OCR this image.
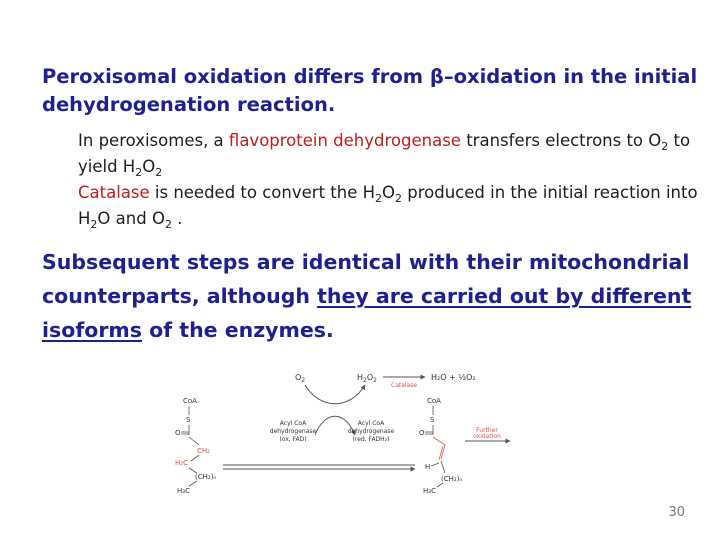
Peroxisomal oxidation differs from β–oxidation in the initial dehydrogenation reaction.
In peroxisomes, a flavoprotein dehydrogenase transfers electrons to $O_2$ to yield $H_2O_2$
Catalase is needed to convert the $H_2O_2$ produced in the initial reaction into $H_2O$ and $O_2$ .
Subsequent steps are identical with their mitochondrial counterparts, although they are carried out by different isoforms of the enzymes.
$O_2$	$H_2O_2$
Catalase
H₂O + ½O₂
CoA
S
O
CH₂
H₂C
(CH₂)ₙ
H₃C
Acyl CoA
dehydrogenase
(ox, FAD)
Acyl CoA
dehydrogenase
(red, FADH₂)
CoA
S
O
H
(CH₂)ₙ
H₃C
Further
oxidation
30
